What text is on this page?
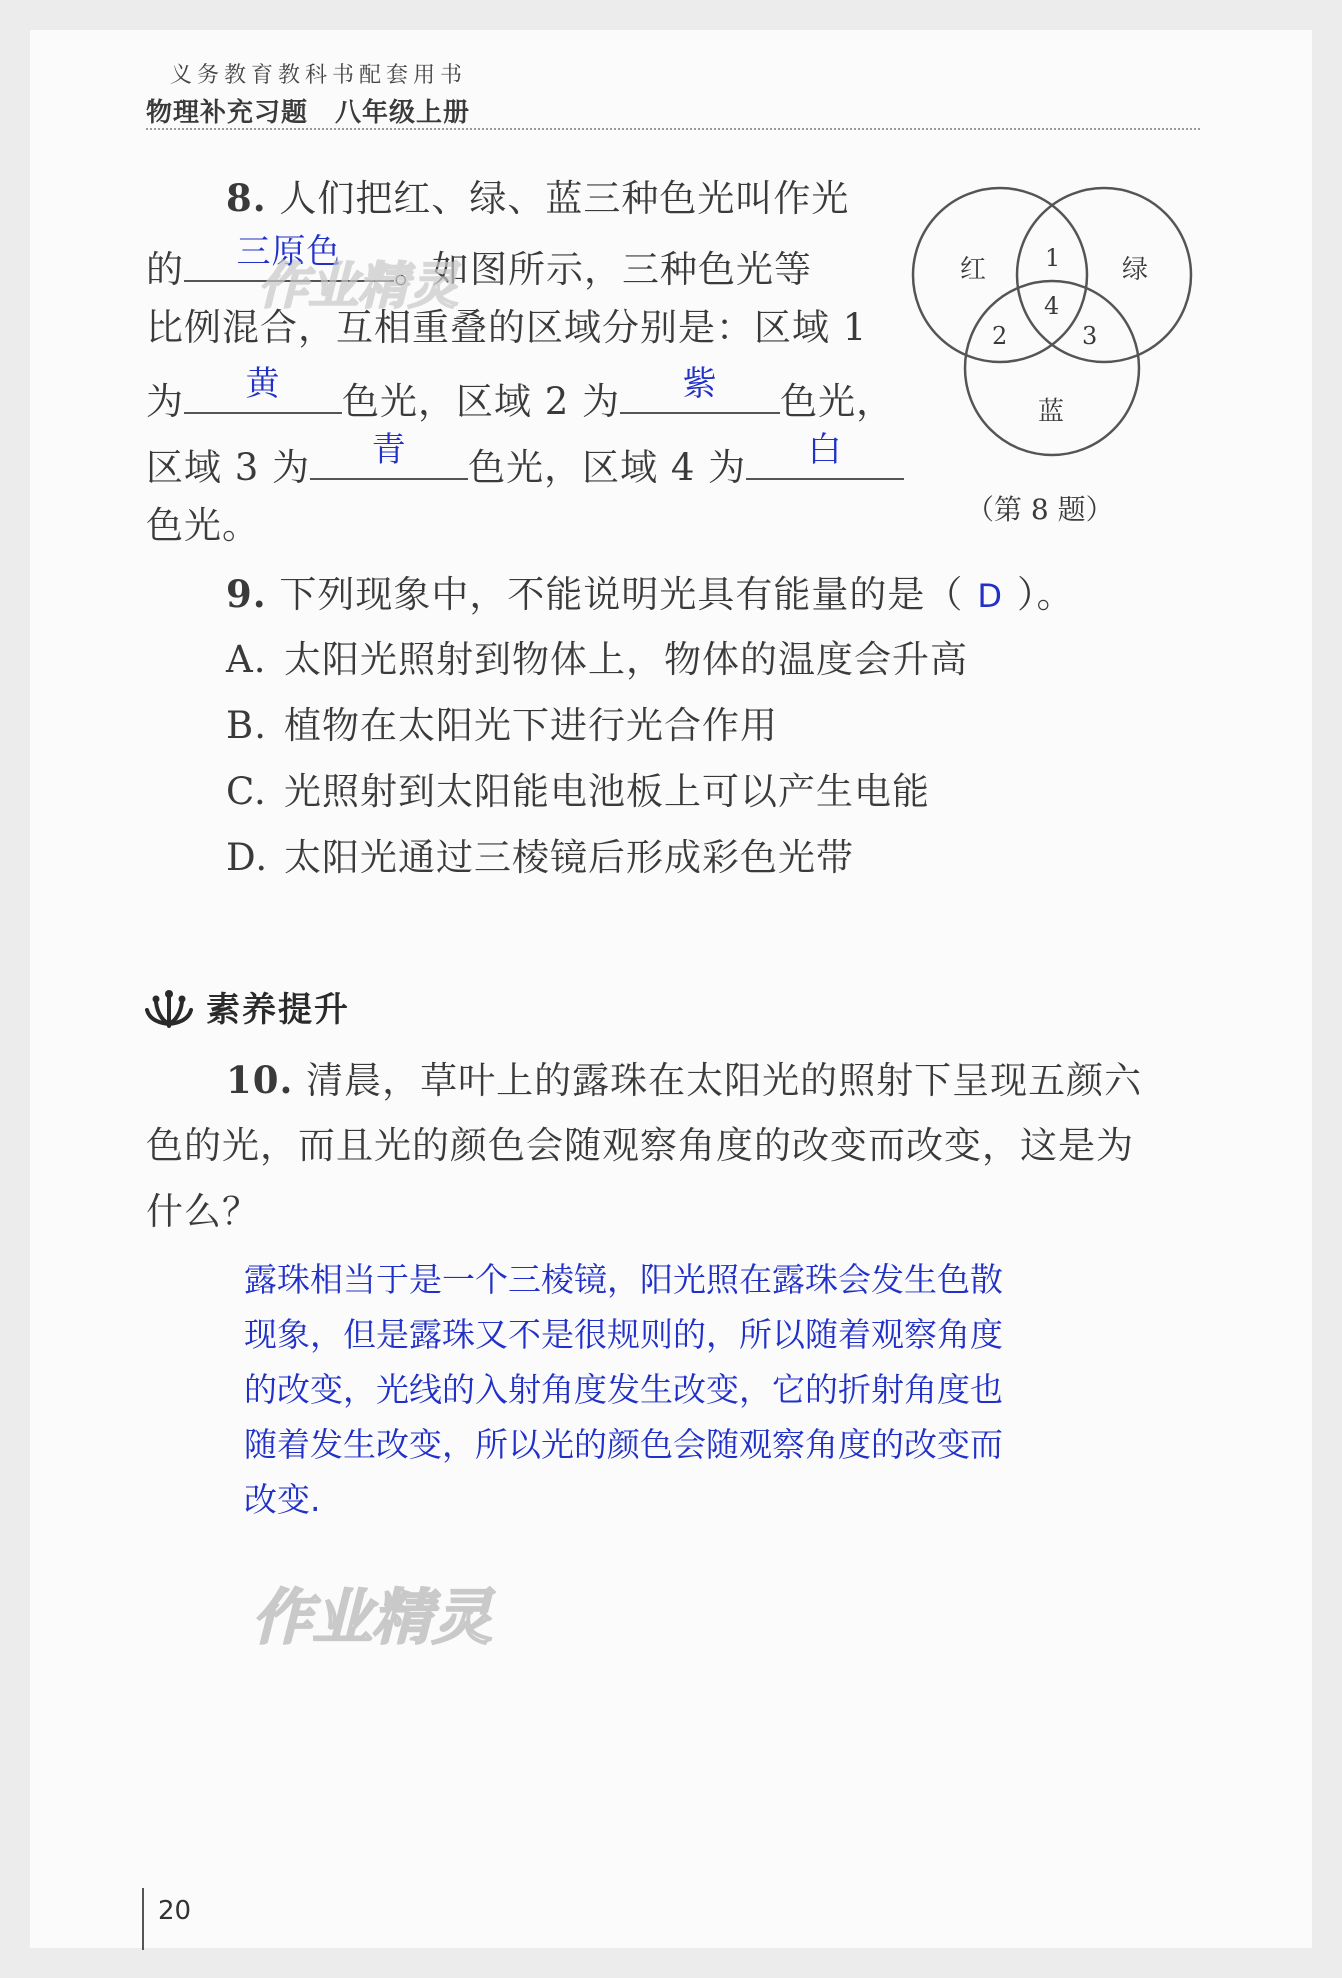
义务教育教科书配套用书
物理补充习题　八年级上册
8. 人们把红、绿、蓝三种色光叫作光
的	三原色	。如图所示，三种色光等
比例混合，互相重叠的区域分别是：区域 1
为	黄	色光，区域 2 为	紫	色光，
区域 3 为	青	色光，区域 4 为	白
色光。
红	绿
蓝
1
2	3
4
（第 8 题）
9. 下列现象中，不能说明光具有能量的是（ D ）。
A. 太阳光照射到物体上，物体的温度会升高
B. 植物在太阳光下进行光合作用
C. 光照射到太阳能电池板上可以产生电能
D. 太阳光通过三棱镜后形成彩色光带
素养提升
10. 清晨，草叶上的露珠在太阳光的照射下呈现五颜六
色的光，而且光的颜色会随观察角度的改变而改变，这是为
什么？
露珠相当于是一个三棱镜，阳光照在露珠会发生色散
现象，但是露珠又不是很规则的，所以随着观察角度
的改变，光线的入射角度发生改变，它的折射角度也
随着发生改变，所以光的颜色会随观察角度的改变而
改变.
作业精灵
作业精灵
20
